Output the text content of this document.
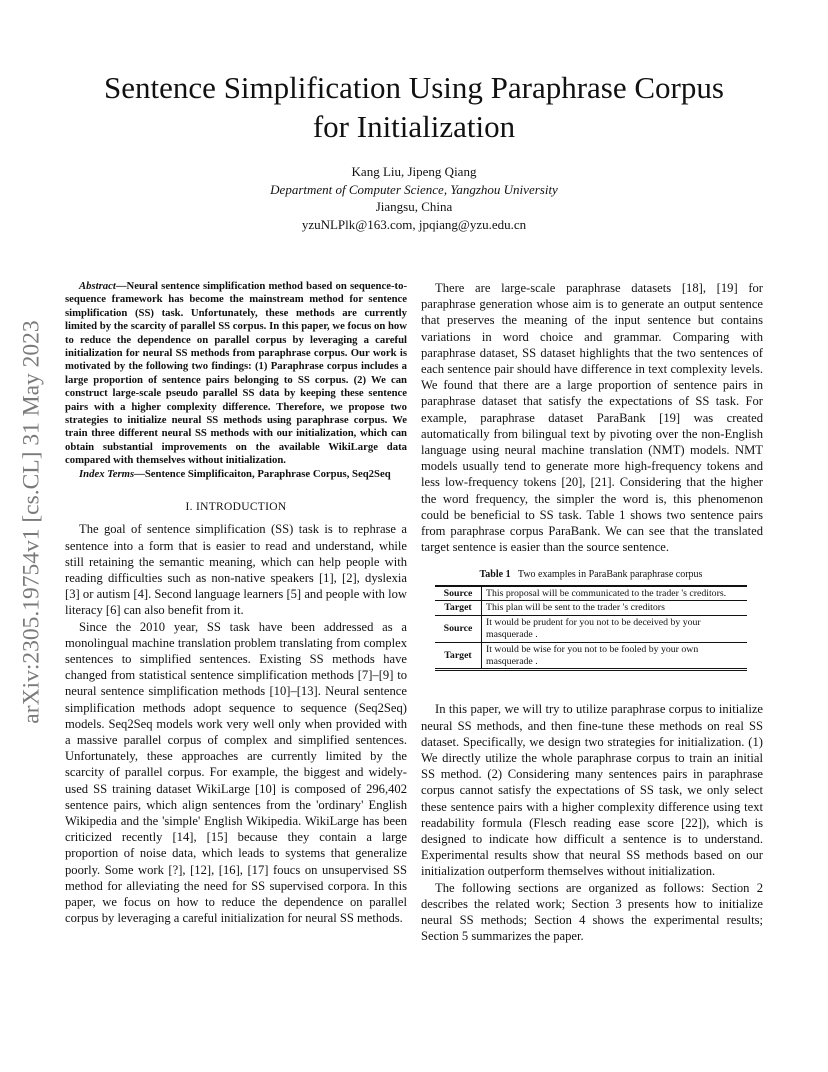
Sentence Simplification Using Paraphrase Corpus
for Initialization
Kang Liu, Jipeng Qiang
Department of Computer Science, Yangzhou University
Jiangsu, China
yzuNLPlk@163.com, jpqiang@yzu.edu.cn
arXiv:2305.19754v1 [cs.CL] 31 May 2023

Abstract—Neural sentence simplification method based on sequence-to-sequence framework has become the mainstream method for sentence simplification (SS) task. Unfortunately, these methods are currently limited by the scarcity of parallel SS corpus. In this paper, we focus on how to reduce the dependence on parallel corpus by leveraging a careful initialization for neural SS methods from paraphrase corpus. Our work is motivated by the following two findings: (1) Paraphrase corpus includes a large proportion of sentence pairs belonging to SS corpus. (2) We can construct large-scale pseudo parallel SS data by keeping these sentence pairs with a higher complexity difference. Therefore, we propose two strategies to initialize neural SS methods using paraphrase corpus. We train three different neural SS methods with our initialization, which can obtain substantial improvements on the available WikiLarge data compared with themselves without initialization.

Index Terms—Sentence Simplificaiton, Paraphrase Corpus, Seq2Seq

I. INTRODUCTION

The goal of sentence simplification (SS) task is to rephrase a sentence into a form that is easier to read and understand, while still retaining the semantic meaning, which can help people with reading difficulties such as non-native speakers [1], [2], dyslexia [3] or autism [4]. Second language learners [5] and people with low literacy [6] can also benefit from it.

Since the 2010 year, SS task have been addressed as a monolingual machine translation problem translating from complex sentences to simplified sentences. Existing SS methods have changed from statistical sentence simplification methods [7]–[9] to neural sentence simplification methods [10]–[13]. Neural sentence simplification methods adopt sequence to sequence (Seq2Seq) models. Seq2Seq models work very well only when provided with a massive parallel corpus of complex and simplified sentences. Unfortunately, these approaches are currently limited by the scarcity of parallel corpus. For example, the biggest and widely-used SS training dataset WikiLarge [10] is composed of 296,402 sentence pairs, which align sentences from the 'ordinary' English Wikipedia and the 'simple' English Wikipedia. WikiLarge has been criticized recently [14], [15] because they contain a large proportion of noise data, which leads to systems that generalize poorly. Some work [?], [12], [16], [17] foucs on unsupervised SS method for alleviating the need for SS supervised corpora. In this paper, we focus on how to reduce the dependence on parallel corpus by leveraging a careful initialization for neural SS methods.

There are large-scale paraphrase datasets [18], [19] for paraphrase generation whose aim is to generate an output sentence that preserves the meaning of the input sentence but contains variations in word choice and grammar. Comparing with paraphrase dataset, SS dataset highlights that the two sentences of each sentence pair should have difference in text complexity levels. We found that there are a large proportion of sentence pairs in paraphrase dataset that satisfy the expectations of SS task. For example, paraphrase dataset ParaBank [19] was created automatically from bilingual text by pivoting over the non-English language using neural machine translation (NMT) models. NMT models usually tend to generate more high-frequency tokens and less low-frequency tokens [20], [21]. Considering that the higher the word frequency, the simpler the word is, this phenomenon could be beneficial to SS task. Table 1 shows two sentence pairs from paraphrase corpus ParaBank. We can see that the translated target sentence is easier than the source sentence.

Table 1 Two examples in ParaBank paraphrase corpus
Source	This proposal will be communicated to the trader 's creditors.
Target	This plan will be sent to the trader 's creditors
Source	It would be prudent for you not to be deceived by your masquerade .
Target	It would be wise for you not to be fooled by your own masquerade .

In this paper, we will try to utilize paraphrase corpus to initialize neural SS methods, and then fine-tune these methods on real SS dataset. Specifically, we design two strategies for initialization. (1) We directly utilize the whole paraphrase corpus to train an initial SS method. (2) Considering many sentences pairs in paraphrase corpus cannot satisfy the expectations of SS task, we only select these sentence pairs with a higher complexity difference using text readability formula (Flesch reading ease score [22]), which is designed to indicate how difficult a sentence is to understand. Experimental results show that neural SS methods based on our initialization outperform themselves without initialization.

The following sections are organized as follows: Section 2 describes the related work; Section 3 presents how to initialize neural SS methods; Section 4 shows the experimental results; Section 5 summarizes the paper.
